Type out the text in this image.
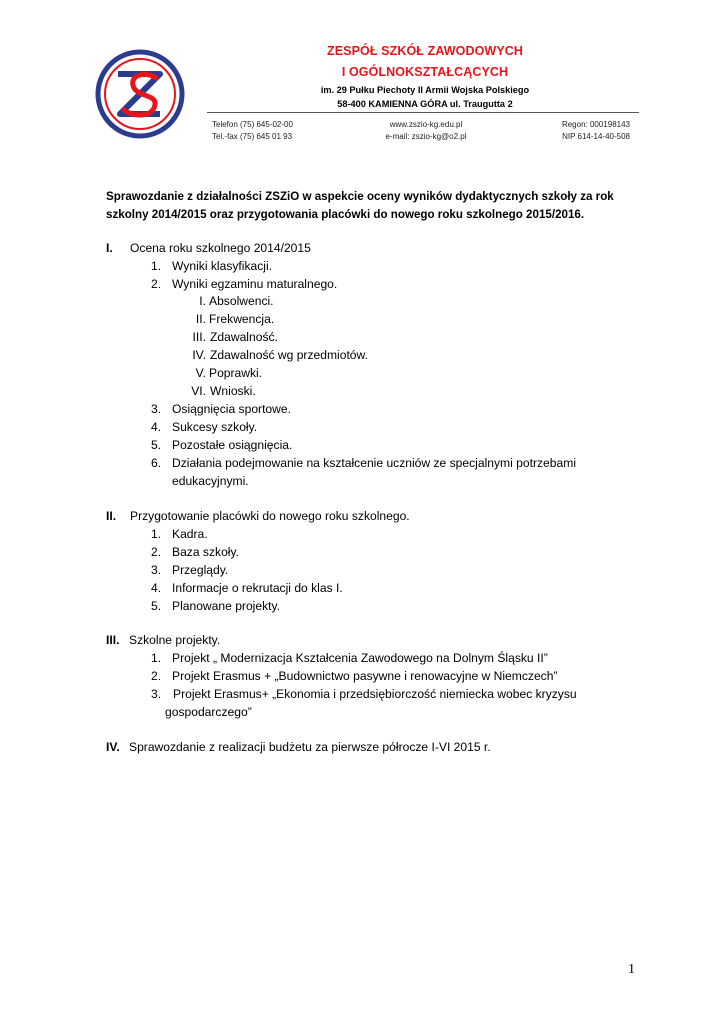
ZESPÓŁ SZKÓŁ ZAWODOWYCH
I OGÓLNOKSZTAŁCĄCYCH
im. 29 Pułku Piechoty II Armii Wojska Polskiego
58-400 KAMIENNA GÓRA ul. Traugutta 2
Telefon (75) 645-02-00
Tel.-fax (75) 645 01 93
www.zszio-kg.edu.pl
e-mail: zszio-kg@o2.pl
Regon: 000198143
NIP 614-14-40-508
Sprawozdanie z działalności ZSZiO w aspekcie oceny wyników dydaktycznych szkoły za rok
szkolny 2014/2015 oraz przygotowania placówki do nowego roku szkolnego 2015/2016.
I. Ocena roku szkolnego 2014/2015
1. Wyniki klasyfikacji.
2. Wyniki egzaminu maturalnego.
I. Absolwenci.
II. Frekwencja.
III. Zdawalność.
IV. Zdawalność wg przedmiotów.
V. Poprawki.
VI. Wnioski.
3. Osiągnięcia sportowe.
4. Sukcesy szkoły.
5. Pozostałe osiągnięcia.
6. Działania podejmowanie na kształcenie uczniów ze specjalnymi potrzebami
edukacyjnymi.
II. Przygotowanie placówki do nowego roku szkolnego.
1. Kadra.
2. Baza szkoły.
3. Przeglądy.
4. Informacje o rekrutacji do klas I.
5. Planowane projekty.
III. Szkolne projekty.
1. Projekt „ Modernizacja Kształcenia Zawodowego na Dolnym Śląsku II”
2. Projekt Erasmus + „Budownictwo pasywne i renowacyjne w Niemczech”
3. Projekt Erasmus+ „Ekonomia i przedsiębiorczość niemiecka wobec kryzysu
gospodarczego”
IV. Sprawozdanie z realizacji budżetu za pierwsze półrocze I-VI 2015 r.
1
